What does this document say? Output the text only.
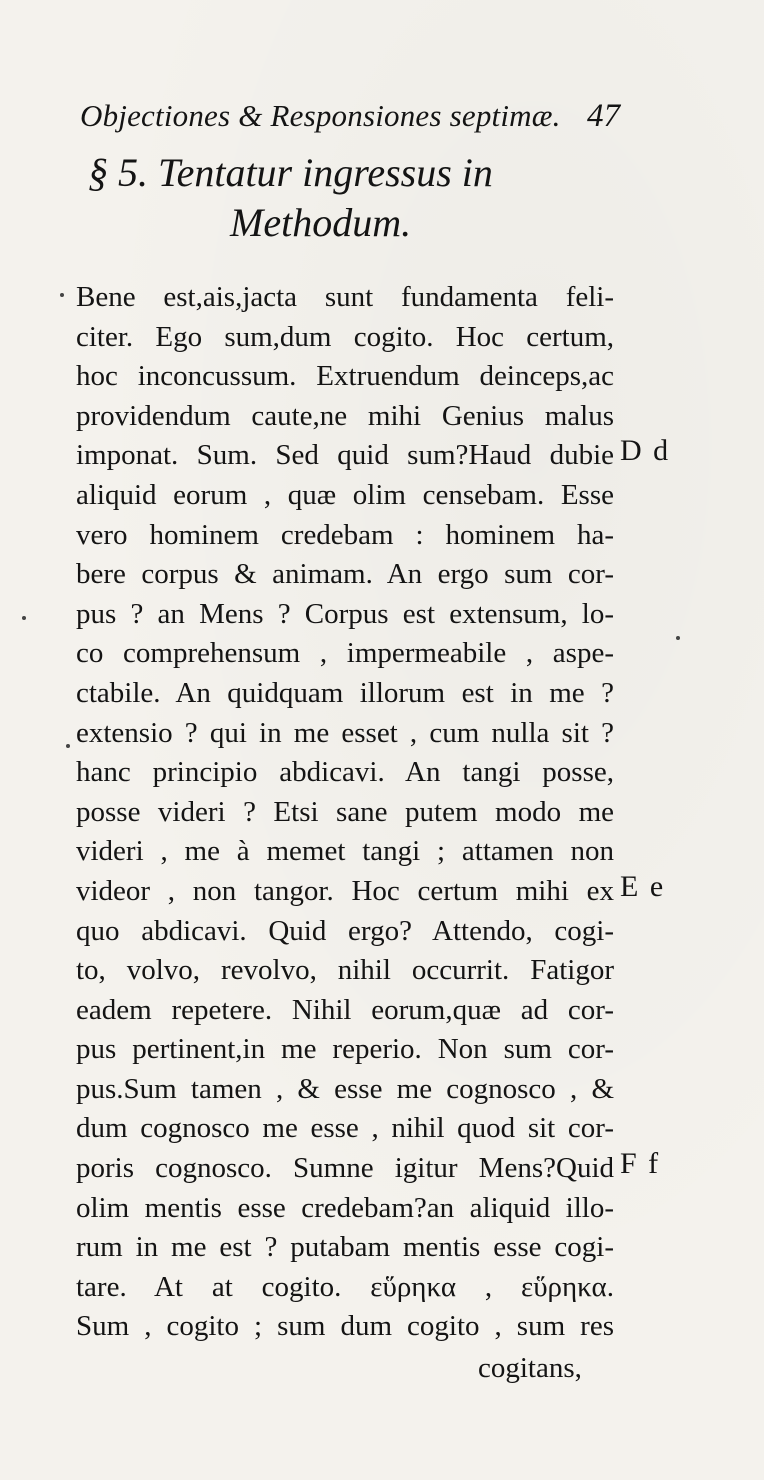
Objectiones & Responsiones septimæ. 47
§ 5. Tentatur ingressus in
Methodum.
Bene est,ais,jacta sunt fundamenta feli-
citer. Ego sum,dum cogito. Hoc certum,
hoc inconcussum. Extruendum deinceps,ac
providendum caute,ne mihi Genius malus
imponat. Sum. Sed quid sum?Haud dubie
aliquid eorum , quæ olim censebam. Esse
vero hominem credebam : hominem ha-
bere corpus & animam. An ergo sum cor-
pus ? an Mens ? Corpus est extensum, lo-
co comprehensum , impermeabile , aspe-
ctabile. An quidquam illorum est in me ?
extensio ? qui in me esset , cum nulla sit ?
hanc principio abdicavi. An tangi posse,
posse videri ? Etsi sane putem modo me
videri , me à memet tangi ; attamen non
videor , non tangor. Hoc certum mihi ex
quo abdicavi. Quid ergo? Attendo, cogi-
to, volvo, revolvo, nihil occurrit. Fatigor
eadem repetere. Nihil eorum,quæ ad cor-
pus pertinent,in me reperio. Non sum cor-
pus.Sum tamen , & esse me cognosco , &
dum cognosco me esse , nihil quod sit cor-
poris cognosco. Sumne igitur Mens?Quid
olim mentis esse credebam?an aliquid illo-
rum in me est ? putabam mentis esse cogi-
tare. At at cogito. εὕρηκα , εὕρηκα.
Sum , cogito ; sum dum cogito , sum res
cogitans,
D d
E e
F f
